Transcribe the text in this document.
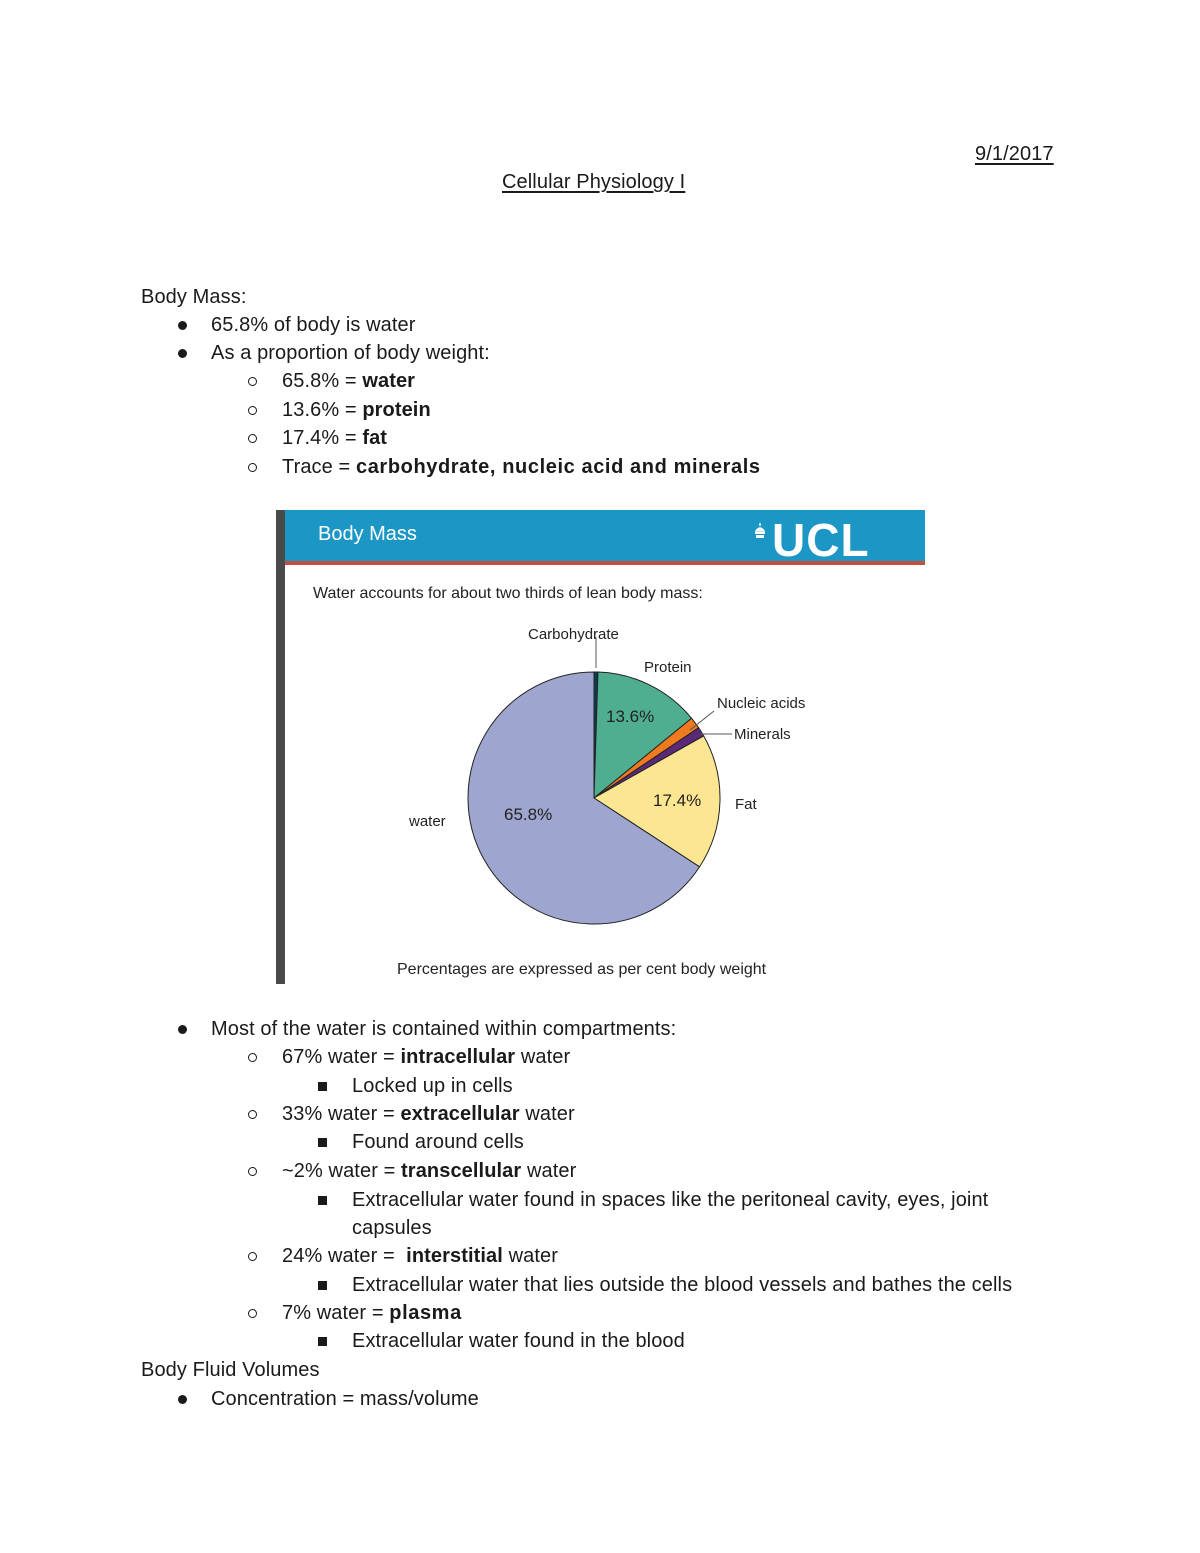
9/1/2017
Cellular Physiology I
Body Mass:
65.8% of body is water
As a proportion of body weight:
65.8% = water
13.6% = protein
17.4% = fat
Trace = carbohydrate, nucleic acid and minerals
Body Mass	UCL
Water accounts for about two thirds of lean body mass:
Carbohydrate
Protein
Nucleic acids
Minerals
Fat
water
13.6%
17.4%
65.8%
Percentages are expressed as per cent body weight
Most of the water is contained within compartments:
67% water = intracellular water
Locked up in cells
33% water = extracellular water
Found around cells
~2% water = transcellular water
Extracellular water found in spaces like the peritoneal cavity, eyes, joint
capsules
24% water =  interstitial water
Extracellular water that lies outside the blood vessels and bathes the cells
7% water = plasma
Extracellular water found in the blood
Body Fluid Volumes
Concentration = mass/volume
